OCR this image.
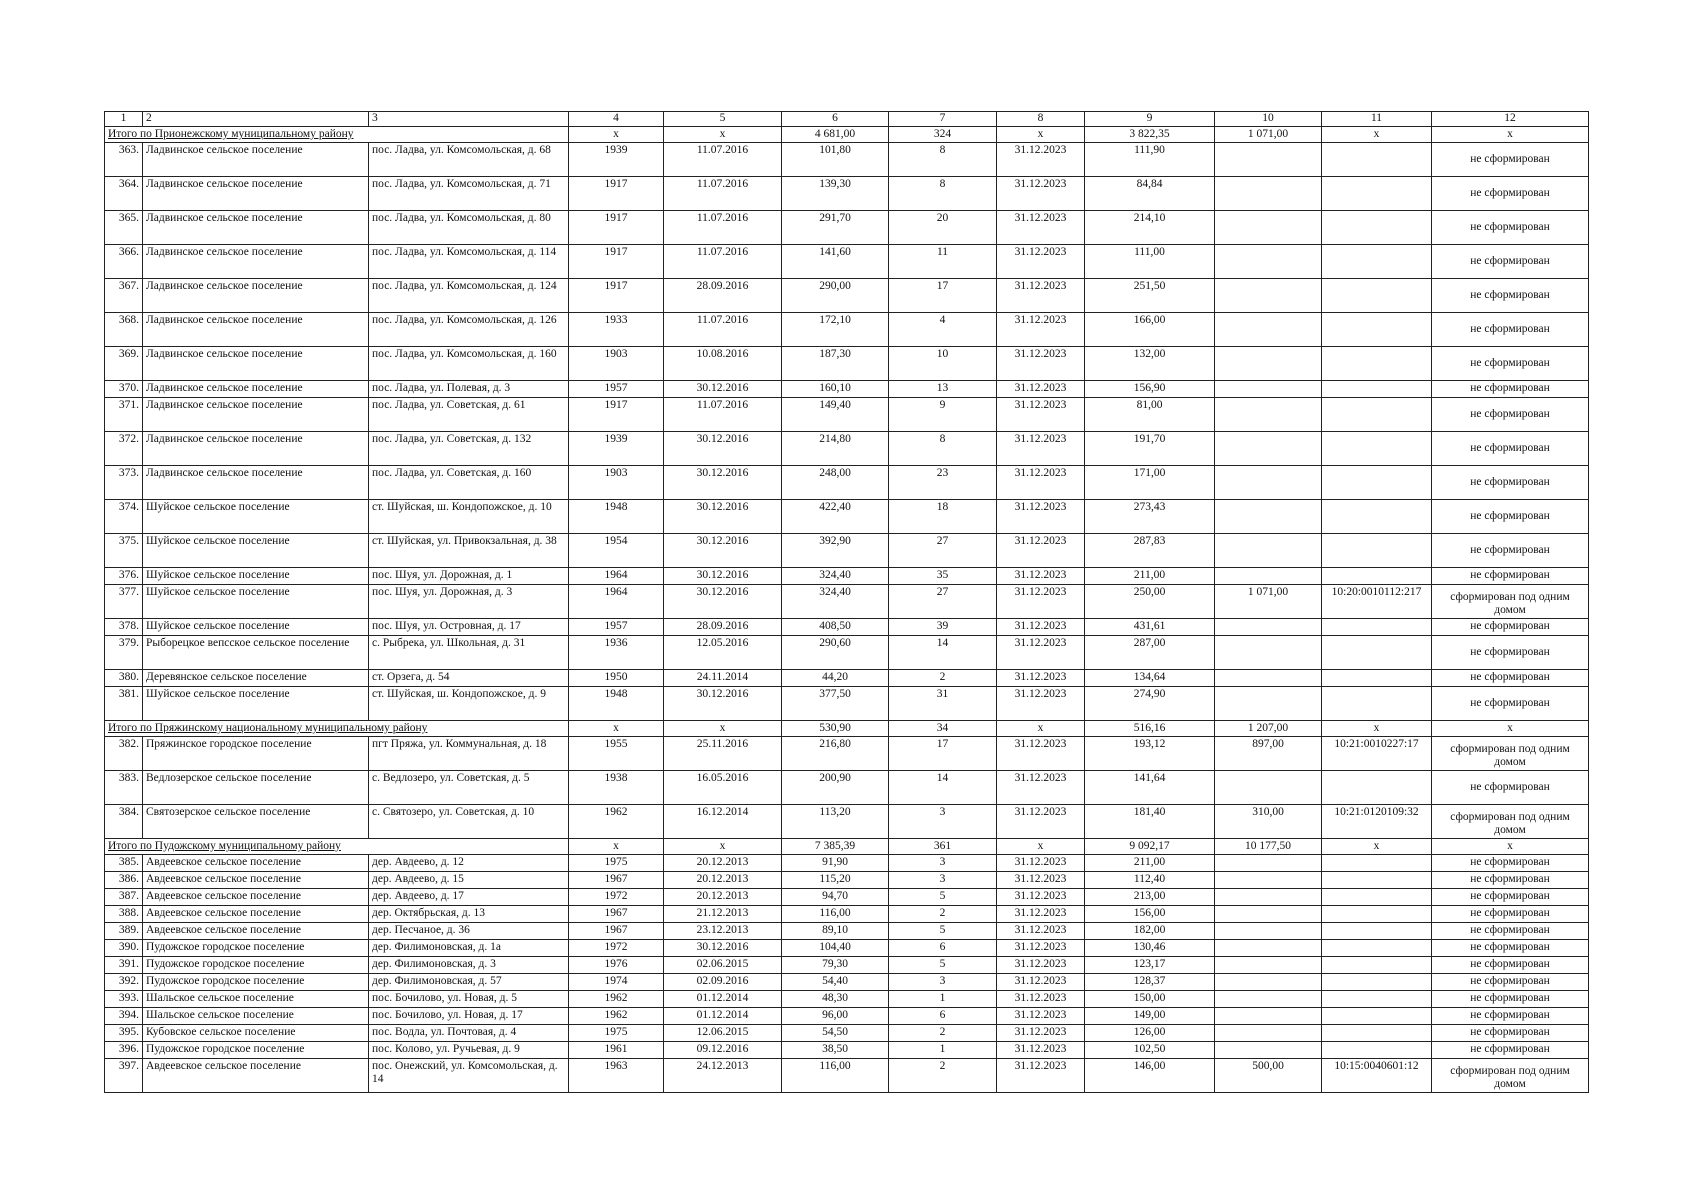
1	2	3	4	5	6	7	8	9	10	11	12
Итого по Прионежскому муниципальному району			x	x	4 681,00	324	x	3 822,35	1 071,00	x	x
363.	Ладвинское сельское поселение	пос. Ладва, ул. Комсомольская, д. 68	1939	11.07.2016	101,80	8	31.12.2023	111,90			не сформирован
364.	Ладвинское сельское поселение	пос. Ладва, ул. Комсомольская, д. 71	1917	11.07.2016	139,30	8	31.12.2023	84,84			не сформирован
365.	Ладвинское сельское поселение	пос. Ладва, ул. Комсомольская, д. 80	1917	11.07.2016	291,70	20	31.12.2023	214,10			не сформирован
366.	Ладвинское сельское поселение	пос. Ладва, ул. Комсомольская, д. 114	1917	11.07.2016	141,60	11	31.12.2023	111,00			не сформирован
367.	Ладвинское сельское поселение	пос. Ладва, ул. Комсомольская, д. 124	1917	28.09.2016	290,00	17	31.12.2023	251,50			не сформирован
368.	Ладвинское сельское поселение	пос. Ладва, ул. Комсомольская, д. 126	1933	11.07.2016	172,10	4	31.12.2023	166,00			не сформирован
369.	Ладвинское сельское поселение	пос. Ладва, ул. Комсомольская, д. 160	1903	10.08.2016	187,30	10	31.12.2023	132,00			не сформирован
370.	Ладвинское сельское поселение	пос. Ладва, ул. Полевая, д. 3	1957	30.12.2016	160,10	13	31.12.2023	156,90			не сформирован
371.	Ладвинское сельское поселение	пос. Ладва, ул. Советская, д. 61	1917	11.07.2016	149,40	9	31.12.2023	81,00			не сформирован
372.	Ладвинское сельское поселение	пос. Ладва, ул. Советская, д. 132	1939	30.12.2016	214,80	8	31.12.2023	191,70			не сформирован
373.	Ладвинское сельское поселение	пос. Ладва, ул. Советская, д. 160	1903	30.12.2016	248,00	23	31.12.2023	171,00			не сформирован
374.	Шуйское сельское поселение	ст. Шуйская, ш. Кондопожское, д. 10	1948	30.12.2016	422,40	18	31.12.2023	273,43			не сформирован
375.	Шуйское сельское поселение	ст. Шуйская, ул. Привокзальная, д. 38	1954	30.12.2016	392,90	27	31.12.2023	287,83			не сформирован
376.	Шуйское сельское поселение	пос. Шуя, ул. Дорожная, д. 1	1964	30.12.2016	324,40	35	31.12.2023	211,00			не сформирован
377.	Шуйское сельское поселение	пос. Шуя, ул. Дорожная, д. 3	1964	30.12.2016	324,40	27	31.12.2023	250,00	1 071,00	10:20:0010112:217	сформирован под одним домом
378.	Шуйское сельское поселение	пос. Шуя, ул. Островная, д. 17	1957	28.09.2016	408,50	39	31.12.2023	431,61			не сформирован
379.	Рыборецкое вепсское сельское поселение	с. Рыбрека, ул. Школьная, д. 31	1936	12.05.2016	290,60	14	31.12.2023	287,00			не сформирован
380.	Деревянское сельское поселение	ст. Орзега, д. 54	1950	24.11.2014	44,20	2	31.12.2023	134,64			не сформирован
381.	Шуйское сельское поселение	ст. Шуйская, ш. Кондопожское, д. 9	1948	30.12.2016	377,50	31	31.12.2023	274,90			не сформирован
Итого по Пряжинскому национальному муниципальному району			x	x	530,90	34	x	516,16	1 207,00	x	x
382.	Пряжинское городское поселение	пгт Пряжа, ул. Коммунальная, д. 18	1955	25.11.2016	216,80	17	31.12.2023	193,12	897,00	10:21:0010227:17	сформирован под одним домом
383.	Ведлозерское сельское поселение	с. Ведлозеро, ул. Советская, д. 5	1938	16.05.2016	200,90	14	31.12.2023	141,64			не сформирован
384.	Святозерское сельское поселение	с. Святозеро, ул. Советская, д. 10	1962	16.12.2014	113,20	3	31.12.2023	181,40	310,00	10:21:0120109:32	сформирован под одним домом
Итого по Пудожскому муниципальному району			x	x	7 385,39	361	x	9 092,17	10 177,50	x	x
385.	Авдеевское сельское поселение	дер. Авдеево, д. 12	1975	20.12.2013	91,90	3	31.12.2023	211,00			не сформирован
386.	Авдеевское сельское поселение	дер. Авдеево, д. 15	1967	20.12.2013	115,20	3	31.12.2023	112,40			не сформирован
387.	Авдеевское сельское поселение	дер. Авдеево, д. 17	1972	20.12.2013	94,70	5	31.12.2023	213,00			не сформирован
388.	Авдеевское сельское поселение	дер. Октябрьская, д. 13	1967	21.12.2013	116,00	2	31.12.2023	156,00			не сформирован
389.	Авдеевское сельское поселение	дер. Песчаное, д. 36	1967	23.12.2013	89,10	5	31.12.2023	182,00			не сформирован
390.	Пудожское городское поселение	дер. Филимоновская, д. 1а	1972	30.12.2016	104,40	6	31.12.2023	130,46			не сформирован
391.	Пудожское городское поселение	дер. Филимоновская, д. 3	1976	02.06.2015	79,30	5	31.12.2023	123,17			не сформирован
392.	Пудожское городское поселение	дер. Филимоновская, д. 57	1974	02.09.2016	54,40	3	31.12.2023	128,37			не сформирован
393.	Шальское сельское поселение	пос. Бочилово, ул. Новая, д. 5	1962	01.12.2014	48,30	1	31.12.2023	150,00			не сформирован
394.	Шальское сельское поселение	пос. Бочилово, ул. Новая, д. 17	1962	01.12.2014	96,00	6	31.12.2023	149,00			не сформирован
395.	Кубовское сельское поселение	пос. Водла, ул. Почтовая, д. 4	1975	12.06.2015	54,50	2	31.12.2023	126,00			не сформирован
396.	Пудожское городское поселение	пос. Колово, ул. Ручьевая, д. 9	1961	09.12.2016	38,50	1	31.12.2023	102,50			не сформирован
397.	Авдеевское сельское поселение	пос. Онежский, ул. Комсомольская, д. 14	1963	24.12.2013	116,00	2	31.12.2023	146,00	500,00	10:15:0040601:12	сформирован под одним домом
